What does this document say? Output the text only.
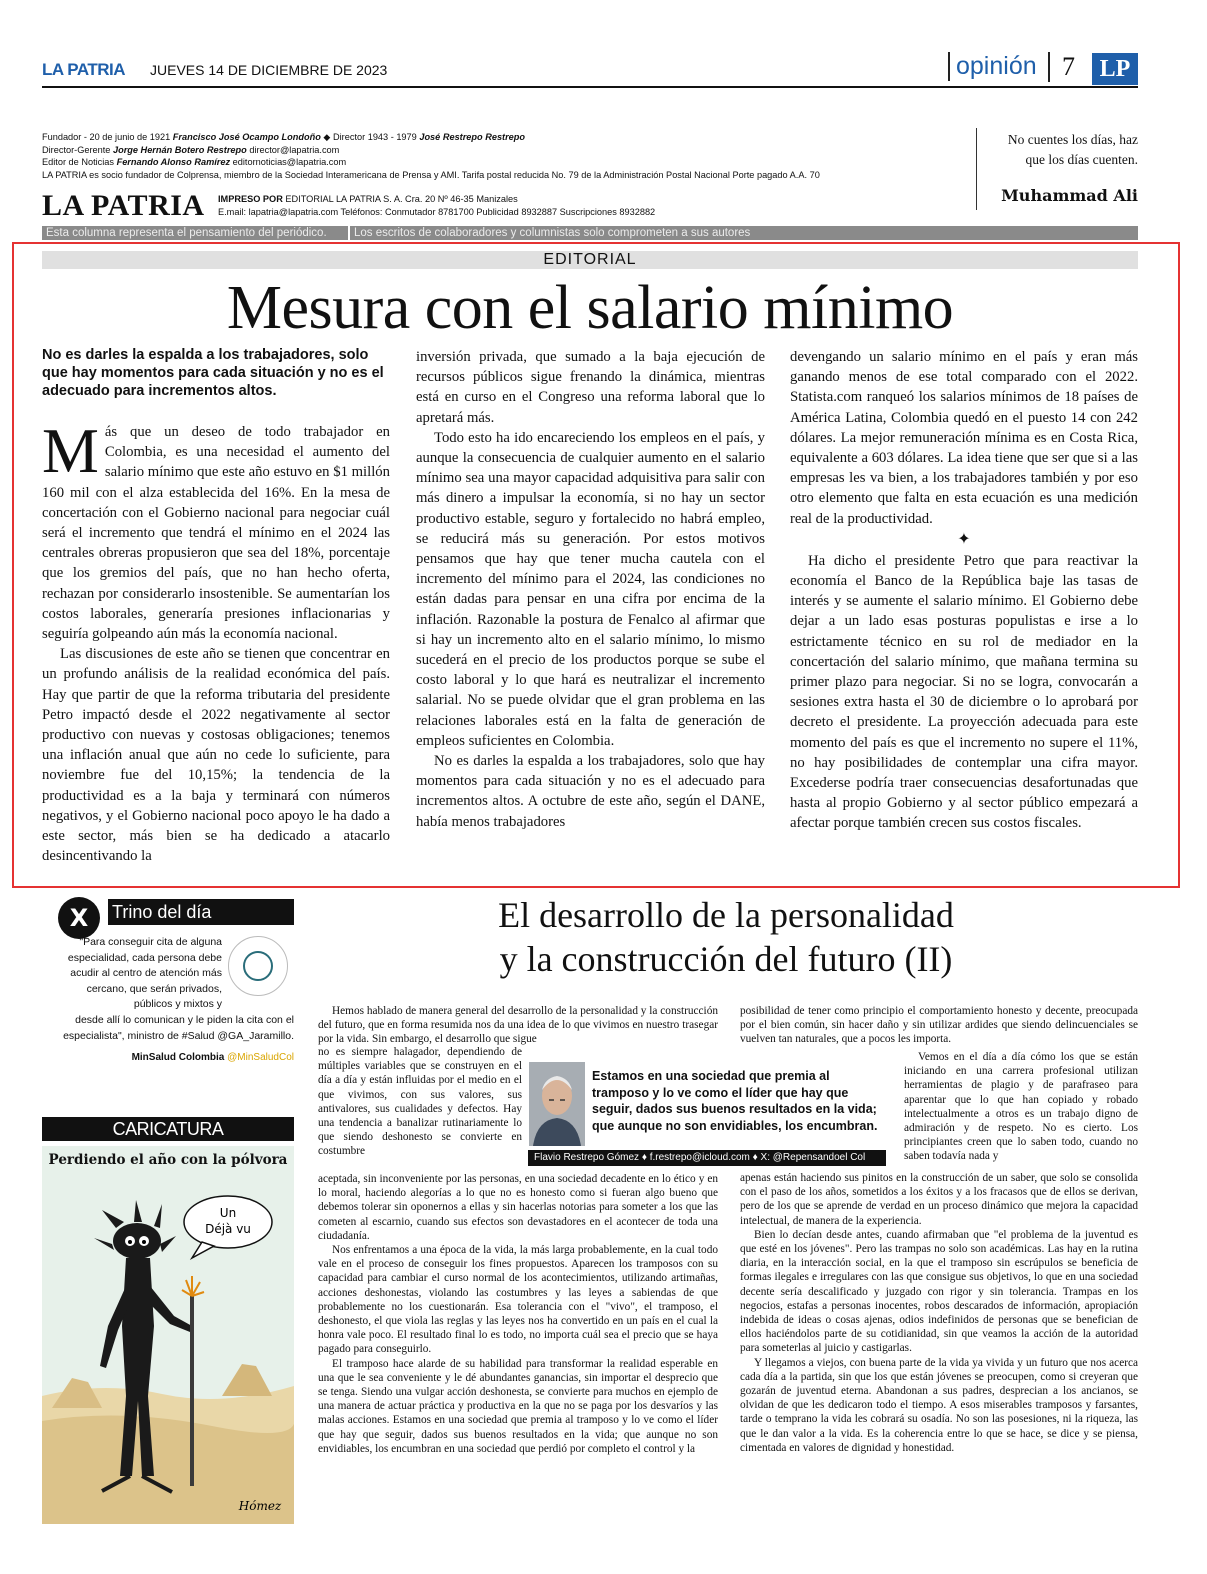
LA PATRIA JUEVES 14 DE DICIEMBRE DE 2023	opinión 7	LP
Fundador - 20 de junio de 1921 Francisco José Ocampo Londoño ◆ Director 1943 - 1979 José Restrepo Restrepo
Director-Gerente Jorge Hernán Botero Restrepo director@lapatria.com
Editor de Noticias Fernando Alonso Ramírez editornoticias@lapatria.com
LA PATRIA es socio fundador de Colprensa, miembro de la Sociedad Interamericana de Prensa y AMI. Tarifa postal reducida No. 79 de la Administración Postal Nacional Porte pagado A.A. 70
LA PATRIA IMPRESO POR EDITORIAL LA PATRIA S. A. Cra. 20 Nº 46-35 Manizales
E.mail: lapatria@lapatria.com Teléfonos: Conmutador 8781700 Publicidad 8932887 Suscripciones 8932882
No cuentes los días, haz que los días cuenten.
Muhammad Ali
Esta columna representa el pensamiento del periódico.	Los escritos de colaboradores y columnistas solo comprometen a sus autores
EDITORIAL
Mesura con el salario mínimo
No es darles la espalda a los trabajadores, solo que hay momentos para cada situación y no es el adecuado para incrementos altos.

Más que un deseo de todo trabajador en Colombia, es una necesidad el aumento del salario mínimo que este año estuvo en $1 millón 160 mil con el alza establecida del 16%. En la mesa de concertación con el Gobierno nacional para negociar cuál será el incremento que tendrá el mínimo en el 2024 las centrales obreras propusieron que sea del 18%, porcentaje que los gremios del país, que no han hecho oferta, rechazan por considerarlo insostenible. Se aumentarían los costos laborales, generaría presiones inflacionarias y seguiría golpeando aún más la economía nacional.

Las discusiones de este año se tienen que concentrar en un profundo análisis de la realidad económica del país. Hay que partir de que la reforma tributaria del presidente Petro impactó desde el 2022 negativamente al sector productivo con nuevas y costosas obligaciones; tenemos una inflación anual que aún no cede lo suficiente, para noviembre fue del 10,15%; la tendencia de la productividad es a la baja y terminará con números negativos, y el Gobierno nacional poco apoyo le ha dado a este sector, más bien se ha dedicado a atacarlo desincentivando la

inversión privada, que sumado a la baja ejecución de recursos públicos sigue frenando la dinámica, mientras está en curso en el Congreso una reforma laboral que lo apretará más.

Todo esto ha ido encareciendo los empleos en el país, y aunque la consecuencia de cualquier aumento en el salario mínimo sea una mayor capacidad adquisitiva para salir con más dinero a impulsar la economía, si no hay un sector productivo estable, seguro y fortalecido no habrá empleo, se reducirá más su generación. Por estos motivos pensamos que hay que tener mucha cautela con el incremento del mínimo para el 2024, las condiciones no están dadas para pensar en una cifra por encima de la inflación. Razonable la postura de Fenalco al afirmar que si hay un incremento alto en el salario mínimo, lo mismo sucederá en el precio de los productos porque se sube el costo laboral y lo que hará es neutralizar el incremento salarial. No se puede olvidar que el gran problema en las relaciones laborales está en la falta de generación de empleos suficientes en Colombia.

No es darles la espalda a los trabajadores, solo que hay momentos para cada situación y no es el adecuado para incrementos altos. A octubre de este año, según el DANE, había menos trabajadores

devengando un salario mínimo en el país y eran más ganando menos de ese total comparado con el 2022. Statista.com ranqueó los salarios mínimos de 18 países de América Latina, Colombia quedó en el puesto 14 con 242 dólares. La mejor remuneración mínima es en Costa Rica, equivalente a 603 dólares. La idea tiene que ser que si a las empresas les va bien, a los trabajadores también y por eso otro elemento que falta en esta ecuación es una medición real de la productividad.

✦

Ha dicho el presidente Petro que para reactivar la economía el Banco de la República baje las tasas de interés y se aumente el salario mínimo. El Gobierno debe dejar a un lado esas posturas populistas e irse a lo estrictamente técnico en su rol de mediador en la concertación del salario mínimo, que mañana termina su primer plazo para negociar. Si no se logra, convocarán a sesiones extra hasta el 30 de diciembre o lo aprobará por decreto el presidente. La proyección adecuada para este momento del país es que el incremento no supere el 11%, no hay posibilidades de contemplar una cifra mayor. Excederse podría traer consecuencias desafortunadas que hasta al propio Gobierno y al sector público empezará a afectar porque también crecen sus costos fiscales.

X	Trino del día
"Para conseguir cita de alguna especialidad, cada persona debe acudir al centro de atención más cercano, que serán privados, públicos y mixtos y
desde allí lo comunican y le piden la cita con el especialista", ministro de #Salud @GA_Jaramillo.
MinSalud Colombia @MinSaludCol
CARICATURA
Un
Déjà vu
Hómez
Perdiendo el año con la pólvora
El desarrollo de la personalidad
y la construcción del futuro (II)

Hemos hablado de manera general del desarrollo de la personalidad y la construcción del futuro, que en forma resumida nos da una idea de lo que vivimos en nuestro trasegar por la vida. Sin embargo, el desarrollo que sigue

no es siempre halagador, dependiendo de múltiples variables que se construyen en el día a día y están influidas por el medio en el que vivimos, con sus valores, sus antivalores, sus cualidades y defectos. Hay una tendencia a banalizar rutinariamente lo que siendo deshonesto se convierte en costumbre

aceptada, sin inconveniente por las personas, en una sociedad decadente en lo ético y en lo moral, haciendo alegorías a lo que no es honesto como si fueran algo bueno que debemos tolerar sin oponernos a ellas y sin hacerlas notorias para someter a los que las cometen al escarnio, cuando sus efectos son devastadores en el acontecer de toda una ciudadanía.

Nos enfrentamos a una época de la vida, la más larga probablemente, en la cual todo vale en el proceso de conseguir los fines propuestos. Aparecen los tramposos con su capacidad para cambiar el curso normal de los acontecimientos, utilizando artimañas, acciones deshonestas, violando las costumbres y las leyes a sabiendas de que probablemente no los cuestionarán. Esa tolerancia con el "vivo", el tramposo, el deshonesto, el que viola las reglas y las leyes nos ha convertido en un país en el cual la honra vale poco. El resultado final lo es todo, no importa cuál sea el precio que se haya pagado para conseguirlo.

El tramposo hace alarde de su habilidad para transformar la realidad esperable en una que le sea conveniente y le dé abundantes ganancias, sin importar el desprecio que se tenga. Siendo una vulgar acción deshonesta, se convierte para muchos en ejemplo de una manera de actuar práctica y productiva en la que no se paga por los desvaríos y las malas acciones. Estamos en una sociedad que premia al tramposo y lo ve como el líder que hay que seguir, dados sus buenos resultados en la vida; que aunque no son envidiables, los encumbran en una sociedad que perdió por completo el control y la

posibilidad de tener como principio el comportamiento honesto y decente, preocupada por el bien común, sin hacer daño y sin utilizar ardides que siendo delincuenciales se vuelven tan naturales, que a pocos les importa.

Vemos en el día a día cómo los que se están iniciando en una carrera profesional utilizan herramientas de plagio y de parafraseo para aparentar que lo que han copiado y robado intelectualmente a otros es un trabajo digno de admiración y de respeto. No es cierto. Los principiantes creen que lo saben todo, cuando no saben todavía nada y

apenas están haciendo sus pinitos en la construcción de un saber, que solo se consolida con el paso de los años, sometidos a los éxitos y a los fracasos que de ellos se derivan, pero de los que se aprende de verdad en un proceso dinámico que mejora la capacidad intelectual, de manera de la experiencia.

Bien lo decían desde antes, cuando afirmaban que "el problema de la juventud es que esté en los jóvenes". Pero las trampas no solo son académicas. Las hay en la rutina diaria, en la interacción social, en la que el tramposo sin escrúpulos se beneficia de formas ilegales e irregulares con las que consigue sus objetivos, lo que en una sociedad decente sería descalificado y juzgado con rigor y sin tolerancia. Trampas en los negocios, estafas a personas inocentes, robos descarados de información, apropiación indebida de ideas o cosas ajenas, odios indefinidos de personas que se benefician de ellos haciéndolos parte de su cotidianidad, sin que veamos la acción de la autoridad para someterlas al juicio y castigarlas.

Y llegamos a viejos, con buena parte de la vida ya vivida y un futuro que nos acerca cada día a la partida, sin que los que están jóvenes se preocupen, como si creyeran que gozarán de juventud eterna. Abandonan a sus padres, desprecian a los ancianos, se olvidan de que les dedicaron todo el tiempo. A esos miserables tramposos y farsantes, tarde o temprano la vida les cobrará su osadía. No son las posesiones, ni la riqueza, las que le dan valor a la vida. Es la coherencia entre lo que se hace, se dice y se piensa, cimentada en valores de dignidad y honestidad.

Estamos en una sociedad que premia al tramposo y lo ve como el líder que hay que seguir, dados sus buenos resultados en la vida; que aunque no son envidiables, los encumbran.
Flavio Restrepo Gómez ♦ f.restrepo@icloud.com ♦ X: @Repensandoel Col
